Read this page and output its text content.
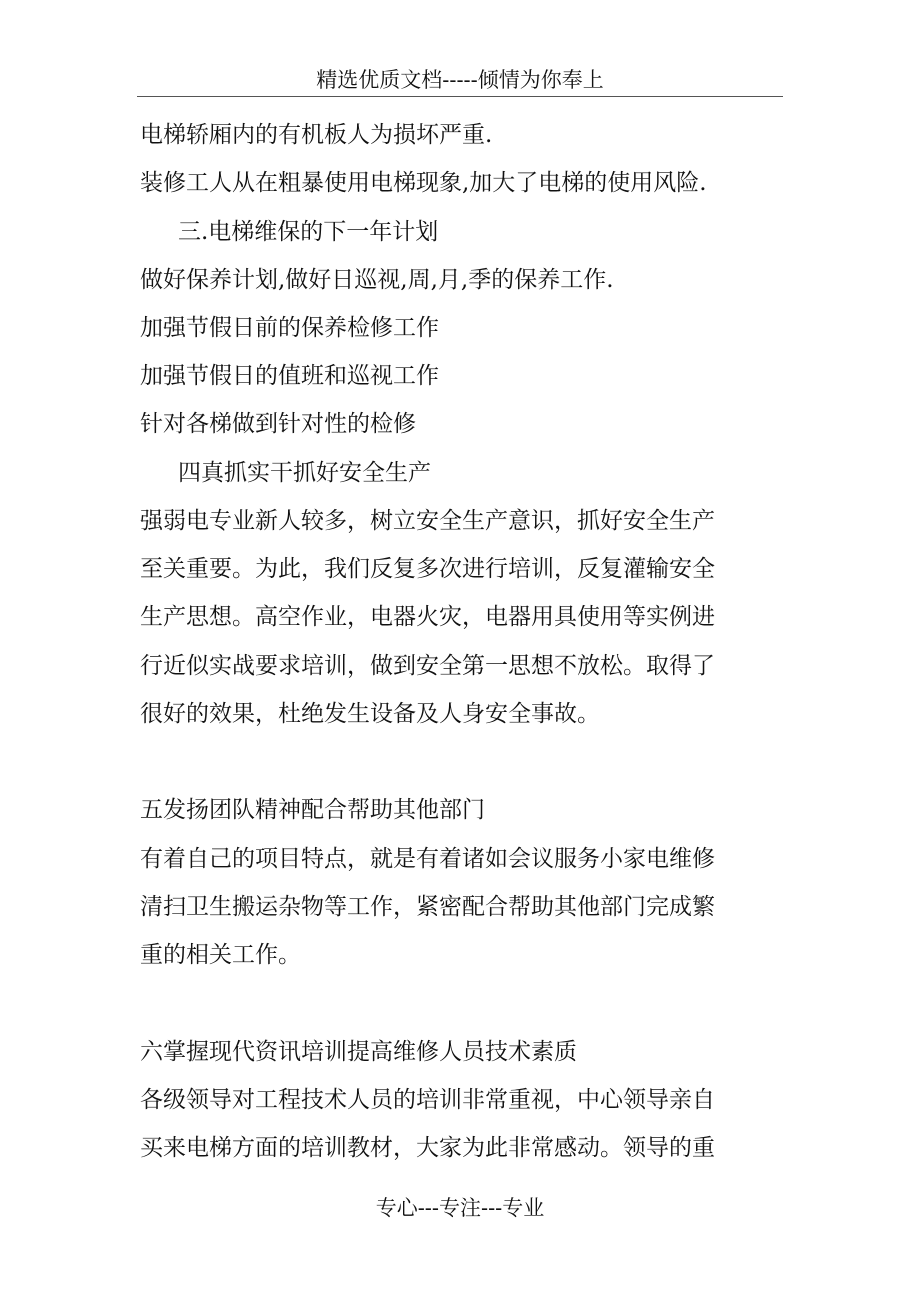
精选优质文档-----倾情为你奉上
电梯轿厢内的有机板人为损坏严重.
装修工人从在粗暴使用电梯现象,加大了电梯的使用风险.
三.电梯维保的下一年计划
做好保养计划,做好日巡视,周,月,季的保养工作.
加强节假日前的保养检修工作
加强节假日的值班和巡视工作
针对各梯做到针对性的检修
四真抓实干抓好安全生产
强弱电专业新人较多，树立安全生产意识，抓好安全生产
至关重要。为此，我们反复多次进行培训，反复灌输安全
生产思想。高空作业，电器火灾，电器用具使用等实例进
行近似实战要求培训，做到安全第一思想不放松。取得了
很好的效果，杜绝发生设备及人身安全事故。
五发扬团队精神配合帮助其他部门
有着自己的项目特点，就是有着诸如会议服务小家电维修
清扫卫生搬运杂物等工作，紧密配合帮助其他部门完成繁
重的相关工作。
六掌握现代资讯培训提高维修人员技术素质
各级领导对工程技术人员的培训非常重视，中心领导亲自
买来电梯方面的培训教材，大家为此非常感动。领导的重
专心---专注---专业
